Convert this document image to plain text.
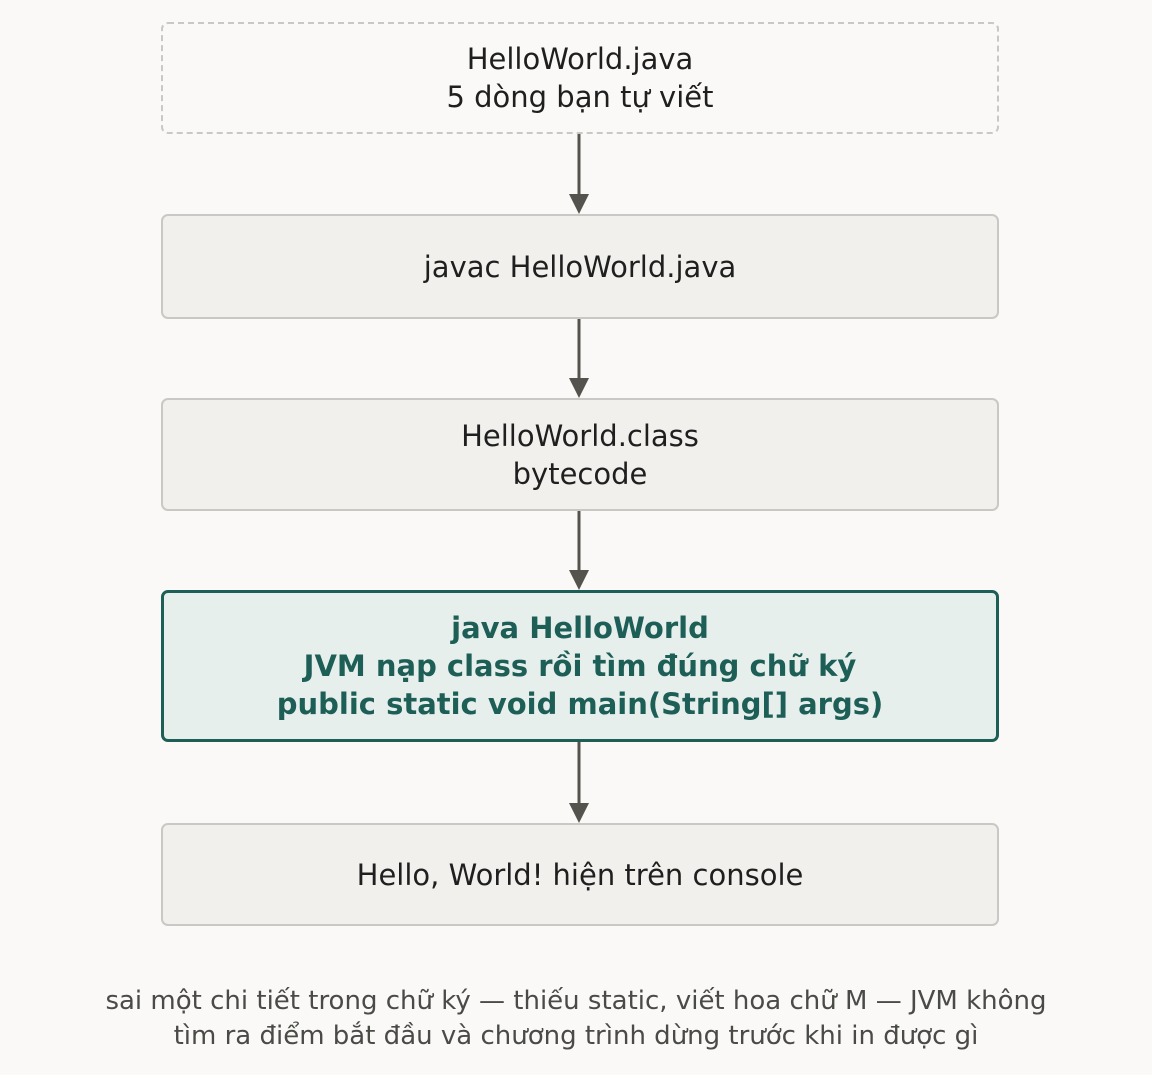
HelloWorld.java
5 dòng bạn tự viết
javac HelloWorld.java
HelloWorld.class
bytecode
java HelloWorld
JVM nạp class rồi tìm đúng chữ ký
public static void main(String[] args)
Hello, World! hiện trên console
sai một chi tiết trong chữ ký — thiếu static, viết hoa chữ M — JVM không
tìm ra điểm bắt đầu và chương trình dừng trước khi in được gì
